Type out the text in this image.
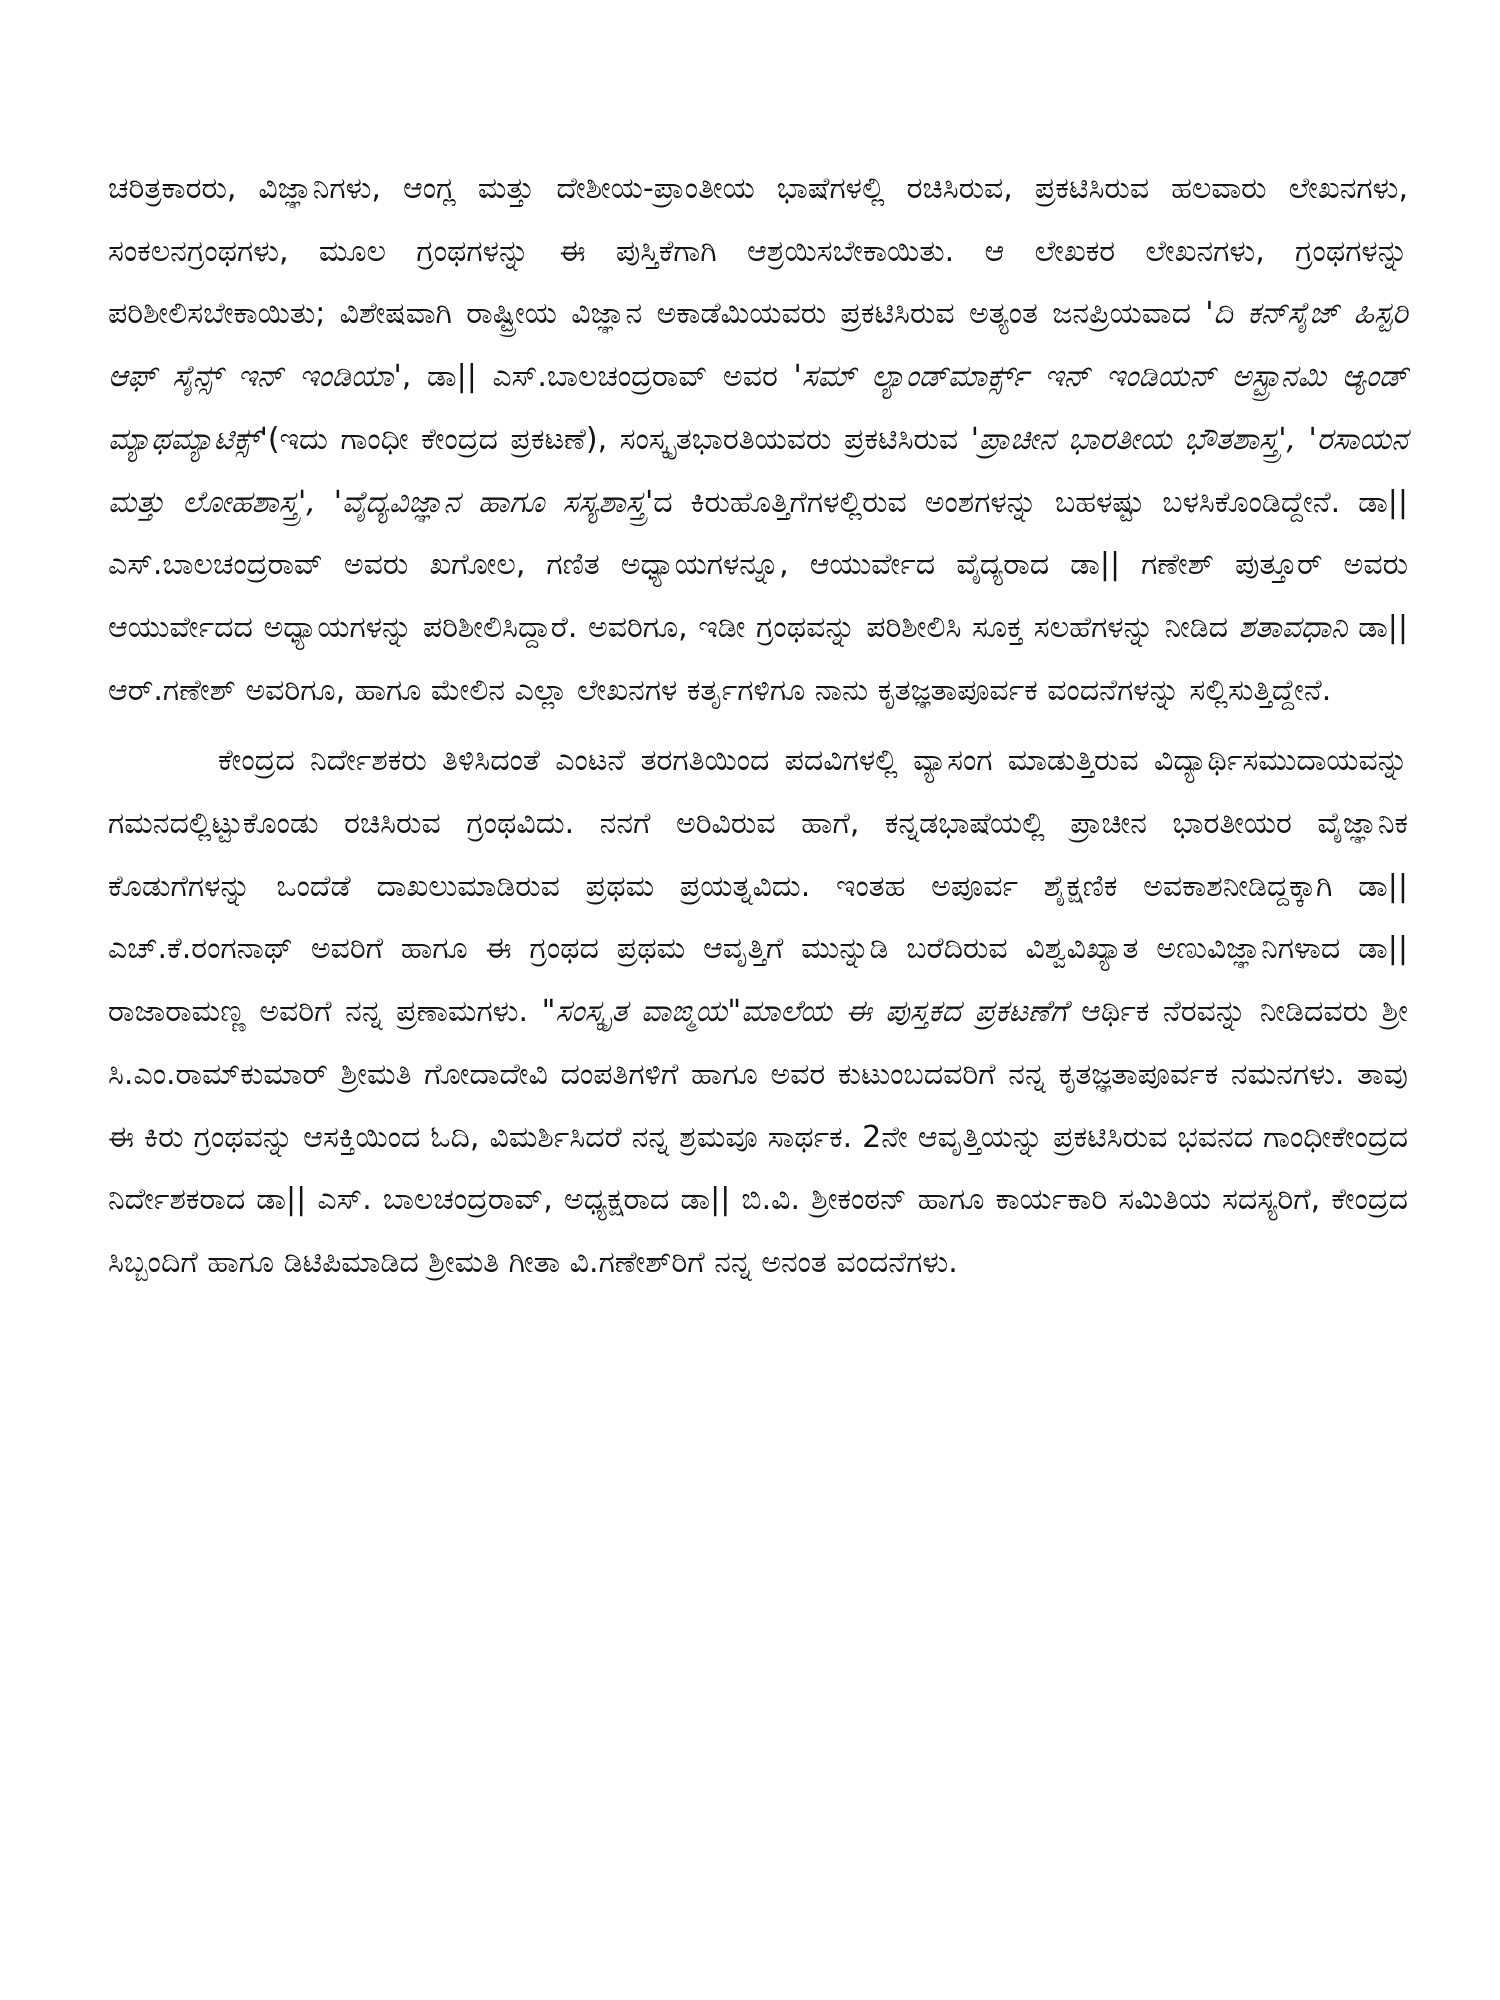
ಚರಿತ್ರಕಾರರು, ವಿಜ್ಞಾನಿಗಳು, ಆಂಗ್ಲ ಮತ್ತು ದೇಶೀಯ-ಪ್ರಾಂತೀಯ ಭಾಷೆಗಳಲ್ಲಿ ರಚಿಸಿರುವ, ಪ್ರಕಟಿಸಿರುವ ಹಲವಾರು ಲೇಖನಗಳು, ಸಂಕಲನಗ್ರಂಥಗಳು, ಮೂಲ ಗ್ರಂಥಗಳನ್ನು ಈ ಪುಸ್ತಿಕೆಗಾಗಿ ಆಶ್ರಯಿಸಬೇಕಾಯಿತು. ಆ ಲೇಖಕರ ಲೇಖನಗಳು, ಗ್ರಂಥಗಳನ್ನು ಪರಿಶೀಲಿಸಬೇಕಾಯಿತು; ವಿಶೇಷವಾಗಿ ರಾಷ್ಟ್ರೀಯ ವಿಜ್ಞಾನ ಅಕಾಡೆಮಿಯವರು ಪ್ರಕಟಿಸಿರುವ ಅತ್ಯಂತ ಜನಪ್ರಿಯವಾದ 'ದಿ ಕನ್‌ಸೈಜ್ ಹಿಸ್ಟರಿ ಆಫ್ ಸೈನ್ಸ್ ಇನ್ ಇಂಡಿಯಾ', ಡಾ|| ಎಸ್.ಬಾಲಚಂದ್ರರಾವ್ ಅವರ 'ಸಮ್ ಲ್ಯಾಂಡ್‌ಮಾರ್ಕ್ಸ್ ಇನ್ ಇಂಡಿಯನ್ ಅಸ್ಟ್ರಾನಮಿ ಆ್ಯಂಡ್ ಮ್ಯಾಥಮ್ಯಾಟಿಕ್ಸ್'(ಇದು ಗಾಂಧೀ ಕೇಂದ್ರದ ಪ್ರಕಟಣೆ), ಸಂಸ್ಕೃತಭಾರತಿಯವರು ಪ್ರಕಟಿಸಿರುವ 'ಪ್ರಾಚೀನ ಭಾರತೀಯ ಭೌತಶಾಸ್ತ್ರ', 'ರಸಾಯನ ಮತ್ತು ಲೋಹಶಾಸ್ತ್ರ', 'ವೈದ್ಯವಿಜ್ಞಾನ ಹಾಗೂ ಸಸ್ಯಶಾಸ್ತ್ರ'ದ ಕಿರುಹೊತ್ತಿಗೆಗಳಲ್ಲಿರುವ ಅಂಶಗಳನ್ನು ಬಹಳಷ್ಟು ಬಳಸಿಕೊಂಡಿದ್ದೇನೆ. ಡಾ|| ಎಸ್.ಬಾಲಚಂದ್ರರಾವ್ ಅವರು ಖಗೋಲ, ಗಣಿತ ಅಧ್ಯಾಯಗಳನ್ನೂ, ಆಯುರ್ವೇದ ವೈದ್ಯರಾದ ಡಾ|| ಗಣೇಶ್ ಪುತ್ತೂರ್ ಅವರು ಆಯುರ್ವೇದದ ಅಧ್ಯಾಯಗಳನ್ನು ಪರಿಶೀಲಿಸಿದ್ದಾರೆ. ಅವರಿಗೂ, ಇಡೀ ಗ್ರಂಥವನ್ನು ಪರಿಶೀಲಿಸಿ ಸೂಕ್ತ ಸಲಹೆಗಳನ್ನು ನೀಡಿದ ಶತಾವಧಾನಿ ಡಾ|| ಆರ್.ಗಣೇಶ್ ಅವರಿಗೂ, ಹಾಗೂ ಮೇಲಿನ ಎಲ್ಲಾ ಲೇಖನಗಳ ಕರ್ತೃಗಳಿಗೂ ನಾನು ಕೃತಜ್ಞತಾಪೂರ್ವಕ ವಂದನೆಗಳನ್ನು ಸಲ್ಲಿಸುತ್ತಿದ್ದೇನೆ.

ಕೇಂದ್ರದ ನಿರ್ದೇಶಕರು ತಿಳಿಸಿದಂತೆ ಎಂಟನೆ ತರಗತಿಯಿಂದ ಪದವಿಗಳಲ್ಲಿ ವ್ಯಾಸಂಗ ಮಾಡುತ್ತಿರುವ ವಿದ್ಯಾರ್ಥಿಸಮುದಾಯವನ್ನು ಗಮನದಲ್ಲಿಟ್ಟುಕೊಂಡು ರಚಿಸಿರುವ ಗ್ರಂಥವಿದು. ನನಗೆ ಅರಿವಿರುವ ಹಾಗೆ, ಕನ್ನಡಭಾಷೆಯಲ್ಲಿ ಪ್ರಾಚೀನ ಭಾರತೀಯರ ವೈಜ್ಞಾನಿಕ ಕೊಡುಗೆಗಳನ್ನು ಒಂದೆಡೆ ದಾಖಲುಮಾಡಿರುವ ಪ್ರಥಮ ಪ್ರಯತ್ನವಿದು. ಇಂತಹ ಅಪೂರ್ವ ಶೈಕ್ಷಣಿಕ ಅವಕಾಶನೀಡಿದ್ದಕ್ಕಾಗಿ ಡಾ|| ಎಚ್.ಕೆ.ರಂಗನಾಥ್ ಅವರಿಗೆ ಹಾಗೂ ಈ ಗ್ರಂಥದ ಪ್ರಥಮ ಆವೃತ್ತಿಗೆ ಮುನ್ನುಡಿ ಬರೆದಿರುವ ವಿಶ್ವವಿಖ್ಯಾತ ಅಣುವಿಜ್ಞಾನಿಗಳಾದ ಡಾ|| ರಾಜಾರಾಮಣ್ಣ ಅವರಿಗೆ ನನ್ನ ಪ್ರಣಾಮಗಳು. "ಸಂಸ್ಕೃತ ವಾಙ್ಮಯ"ಮಾಲೆಯ ಈ ಪುಸ್ತಕದ ಪ್ರಕಟಣೆಗೆ ಆರ್ಥಿಕ ನೆರವನ್ನು ನೀಡಿದವರು ಶ್ರೀ ಸಿ.ಎಂ.ರಾಮ್‌ಕುಮಾರ್ ಶ್ರೀಮತಿ ಗೋದಾದೇವಿ ದಂಪತಿಗಳಿಗೆ ಹಾಗೂ ಅವರ ಕುಟುಂಬದವರಿಗೆ ನನ್ನ ಕೃತಜ್ಞತಾಪೂರ್ವಕ ನಮನಗಳು. ತಾವು ಈ ಕಿರು ಗ್ರಂಥವನ್ನು ಆಸಕ್ತಿಯಿಂದ ಓದಿ, ವಿಮರ್ಶಿಸಿದರೆ ನನ್ನ ಶ್ರಮವೂ ಸಾರ್ಥಕ. 2ನೇ ಆವೃತ್ತಿಯನ್ನು ಪ್ರಕಟಿಸಿರುವ ಭವನದ ಗಾಂಧೀಕೇಂದ್ರದ ನಿರ್ದೇಶಕರಾದ ಡಾ|| ಎಸ್. ಬಾಲಚಂದ್ರರಾವ್, ಅಧ್ಯಕ್ಷರಾದ ಡಾ|| ಬಿ.ವಿ. ಶ್ರೀಕಂಠನ್ ಹಾಗೂ ಕಾರ್ಯಕಾರಿ ಸಮಿತಿಯ ಸದಸ್ಯರಿಗೆ, ಕೇಂದ್ರದ ಸಿಬ್ಬಂದಿಗೆ ಹಾಗೂ ಡಿಟಿಪಿಮಾಡಿದ ಶ್ರೀಮತಿ ಗೀತಾ ವಿ.ಗಣೇಶ್‌ರಿಗೆ ನನ್ನ ಅನಂತ ವಂದನೆಗಳು.
